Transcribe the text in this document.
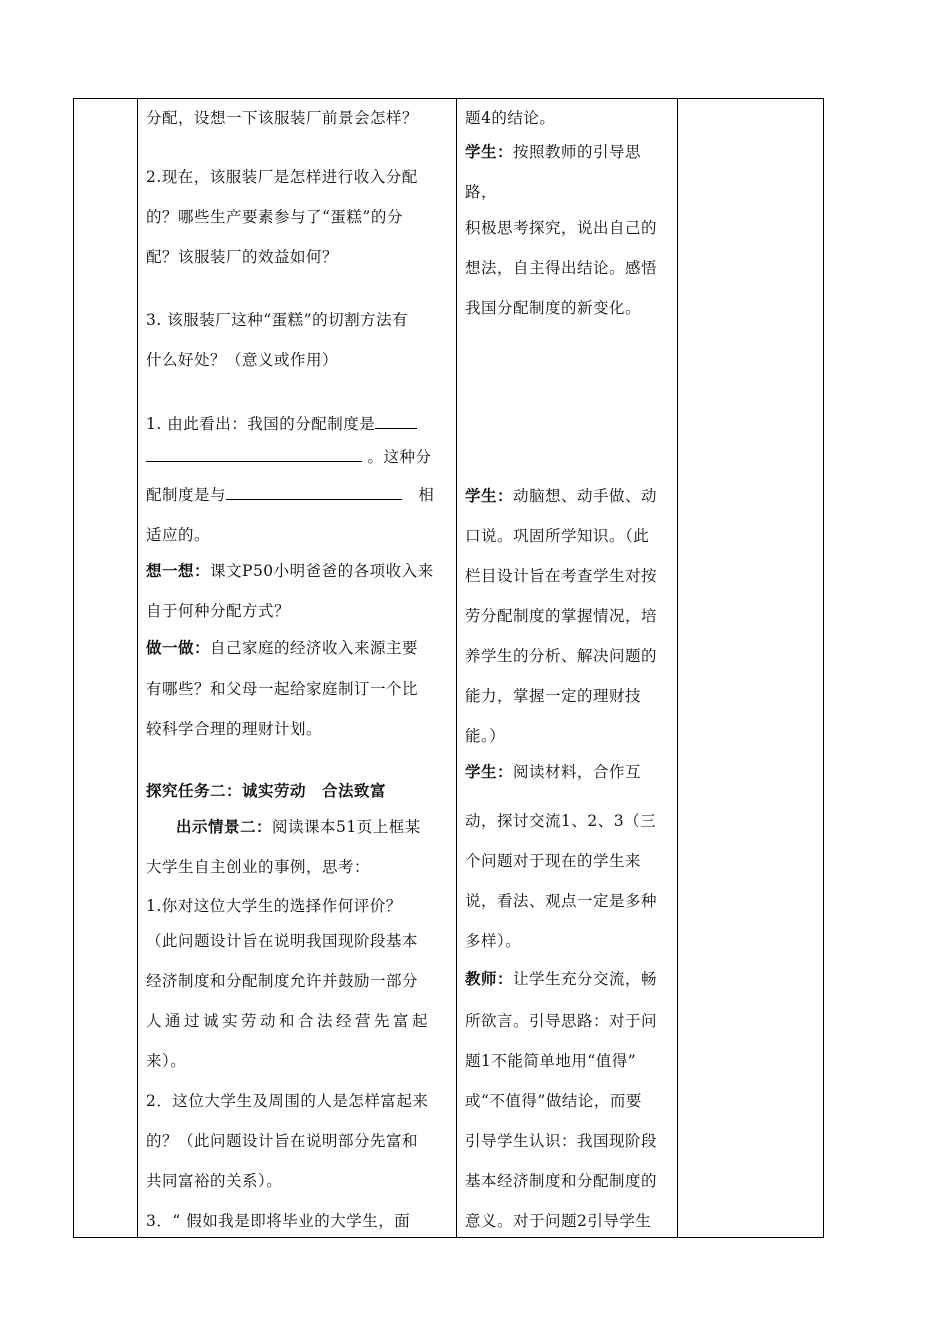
分配，设想一下该服装厂前景会怎样？
2.现在，该服装厂是怎样进行收入分配
的？哪些生产要素参与了“蛋糕”的分
配？该服装厂的效益如何？
3. 该服装厂这种“蛋糕”的切割方法有
什么好处？（意义或作用）
1. 由此看出：我国的分配制度是
。这种分
配制度是与	相
适应的。
想一想：课文P50小明爸爸的各项收入来
自于何种分配方式？
做一做：自己家庭的经济收入来源主要
有哪些？和父母一起给家庭制订一个比
较科学合理的理财计划。
探究任务二：诚实劳动　合法致富
出示情景二：阅读课本51页上框某
大学生自主创业的事例，思考：
1.你对这位大学生的选择作何评价？
（此问题设计旨在说明我国现阶段基本
经济制度和分配制度允许并鼓励一部分
人通过诚实劳动和合法经营先富起
来）。
2．这位大学生及周围的人是怎样富起来
的？（此问题设计旨在说明部分先富和
共同富裕的关系）。
3．“ 假如我是即将毕业的大学生，面
题4的结论。
学生：按照教师的引导思
路，
积极思考探究，说出自己的
想法，自主得出结论。感悟
我国分配制度的新变化。
学生：动脑想、动手做、动
口说。巩固所学知识。（此
栏目设计旨在考查学生对按
劳分配制度的掌握情况，培
养学生的分析、解决问题的
能力，掌握一定的理财技
能。）
学生：阅读材料，合作互
动，探讨交流1、2、3（三
个问题对于现在的学生来
说，看法、观点一定是多种
多样）。
教师：让学生充分交流，畅
所欲言。引导思路：对于问
题1不能简单地用“值得”
或“不值得”做结论，而要
引导学生认识：我国现阶段
基本经济制度和分配制度的
意义。对于问题2引导学生
